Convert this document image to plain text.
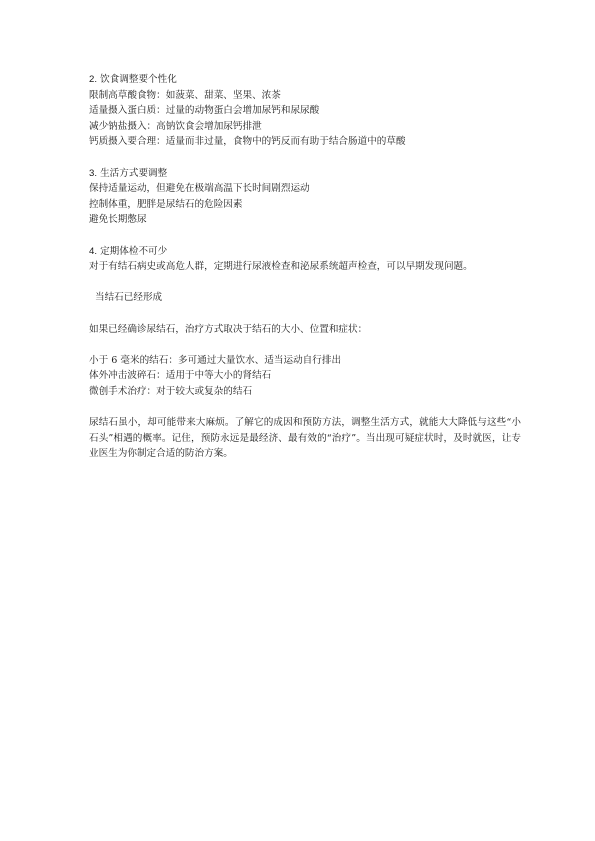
2. 饮食调整要个性化
限制高草酸食物：如菠菜、甜菜、坚果、浓茶
适量摄入蛋白质：过量的动物蛋白会增加尿钙和尿尿酸
减少钠盐摄入：高钠饮食会增加尿钙排泄
钙质摄入要合理：适量而非过量，食物中的钙反而有助于结合肠道中的草酸
3. 生活方式要调整
保持适量运动，但避免在极端高温下长时间剧烈运动
控制体重，肥胖是尿结石的危险因素
避免长期憋尿
4. 定期体检不可少
对于有结石病史或高危人群，定期进行尿液检查和泌尿系统超声检查，可以早期发现问题。
当结石已经形成
如果已经确诊尿结石，治疗方式取决于结石的大小、位置和症状：
小于 6 毫米的结石：多可通过大量饮水、适当运动自行排出
体外冲击波碎石：适用于中等大小的肾结石
微创手术治疗：对于较大或复杂的结石
尿结石虽小，却可能带来大麻烦。了解它的成因和预防方法，调整生活方式，就能大大降低与这些“小石头”相遇的概率。记住，预防永远是最经济、最有效的“治疗”。当出现可疑症状时，及时就医，让专业医生为你制定合适的防治方案。
